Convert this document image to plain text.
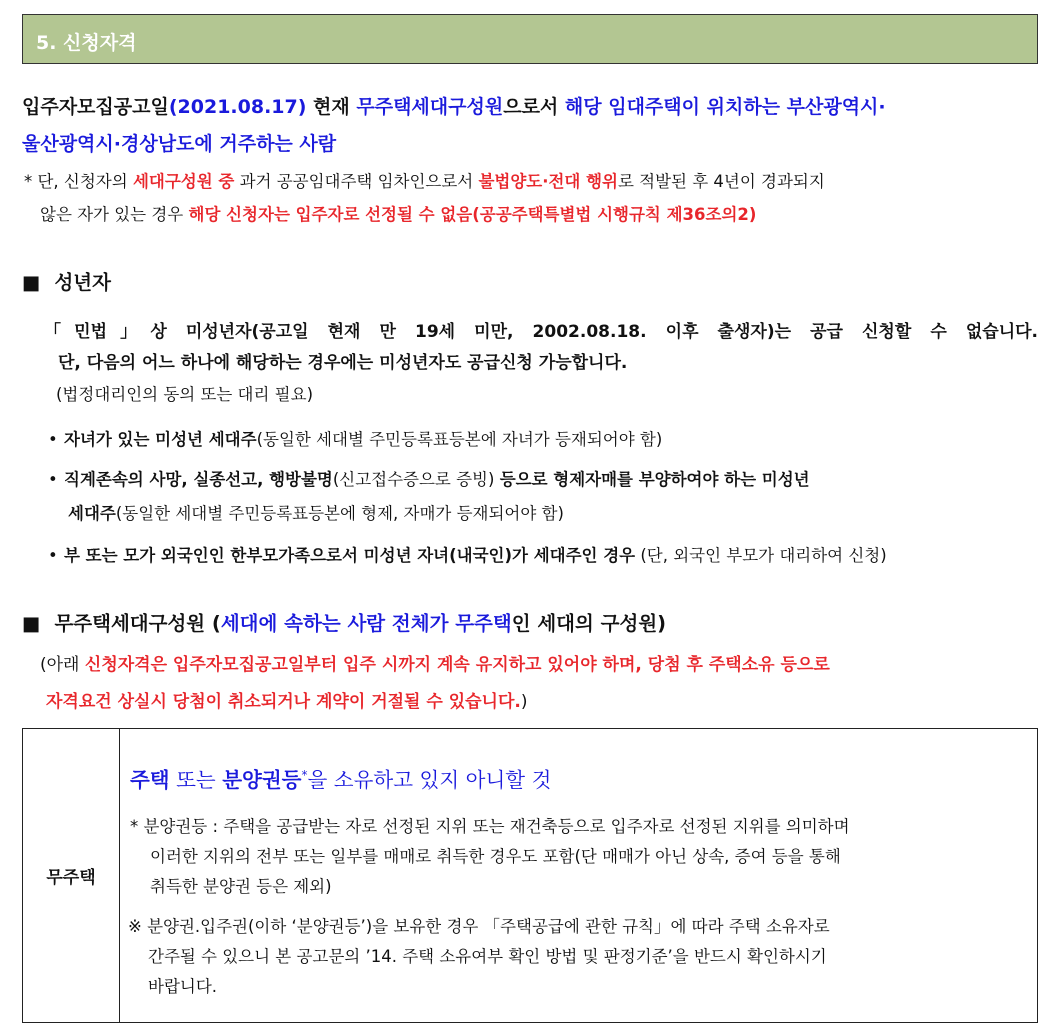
5. 신청자격
입주자모집공고일(2021.08.17) 현재 무주택세대구성원으로서 해당 임대주택이 위치하는 부산광역시·
울산광역시·경상남도에 거주하는 사람
* 단, 신청자의 세대구성원 중 과거 공공임대주택 임차인으로서 불법양도·전대 행위로 적발된 후 4년이 경과되지
않은 자가 있는 경우 해당 신청자는 입주자로 선정될 수 없음(공공주택특별법 시행규칙 제36조의2)
■ 성년자
「민법」상 미성년자(공고일 현재 만 19세 미만, 2002.08.18. 이후 출생자)는 공급 신청할 수 없습니다.
단, 다음의 어느 하나에 해당하는 경우에는 미성년자도 공급신청 가능합니다.
(법정대리인의 동의 또는 대리 필요)
• 자녀가 있는 미성년 세대주(동일한 세대별 주민등록표등본에 자녀가 등재되어야 함)
• 직계존속의 사망, 실종선고, 행방불명(신고접수증으로 증빙) 등으로 형제자매를 부양하여야 하는 미성년
세대주(동일한 세대별 주민등록표등본에 형제, 자매가 등재되어야 함)
• 부 또는 모가 외국인인 한부모가족으로서 미성년 자녀(내국인)가 세대주인 경우 (단, 외국인 부모가 대리하여 신청)
■ 무주택세대구성원 (세대에 속하는 사람 전체가 무주택인 세대의 구성원)
(아래 신청자격은 입주자모집공고일부터 입주 시까지 계속 유지하고 있어야 하며, 당첨 후 주택소유 등으로
자격요건 상실시 당첨이 취소되거나 계약이 거절될 수 있습니다.)
무주택	
주택 또는 분양권등*을 소유하고 있지 아니할 것
* 분양권등 : 주택을 공급받는 자로 선정된 지위 또는 재건축등으로 입주자로 선정된 지위를 의미하며
이러한 지위의 전부 또는 일부를 매매로 취득한 경우도 포함(단 매매가 아닌 상속, 증여 등을 통해
취득한 분양권 등은 제외)
※ 분양권.입주권(이하 ‘분양권등’)을 보유한 경우 「주택공급에 관한 규칙」에 따라 주택 소유자로
간주될 수 있으니 본 공고문의 ’14. 주택 소유여부 확인 방법 및 판정기준’을 반드시 확인하시기
바랍니다.
